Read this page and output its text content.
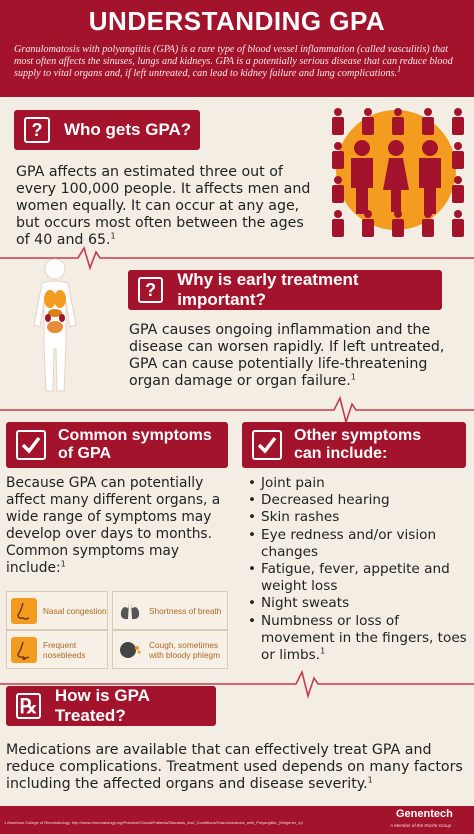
UNDERSTANDING GPA
Granulomatosis with polyangiitis (GPA) is a rare type of blood vessel inflammation (called vasculitis) that most often affects the sinuses, lungs and kidneys. GPA is a potentially serious disease that can reduce blood supply to vital organs and, if left untreated, can lead to kidney failure and lung complications.$^1$
?	Who gets GPA?
GPA affects an estimated three out of every 100,000 people. It affects men and women equally. It can occur at any age, but occurs most often between the ages of 40 and 65.$^1$
?
Why is early treatment important?
GPA causes ongoing inflammation and the disease can worsen rapidly. If left untreated, GPA can cause potentially life-threatening organ damage or organ failure.$^1$
Common symptoms
of GPA
Because GPA can potentially affect many different organs, a wide range of symptoms may develop over days to months. Common symptoms may include:$^1$
Nasal congestion	Shortness of breath
Frequent nosebleeds
Cough, sometimes with bloody phlegm
Other symptoms
can include:
• Joint pain
• Decreased hearing
• Skin rashes
• Eye redness and/or vision changes
• Fatigue, fever, appetite and weight loss
• Night sweats
• Numbness or loss of movement in the fingers, toes or limbs.$^1$
℞ How is GPA Treated?
Medications are available that can effectively treat GPA and reduce complications. Treatment used depends on many factors including the affected organs and disease severity.$^1$
1 American College of Rheumatology. http://www.rheumatology.org/Practice/Clinical/Patients/Diseases_And_Conditions/Granulomatosis_with_Polyangiitis_(Wegener_s)/
Genentech
A Member of the Roche Group
